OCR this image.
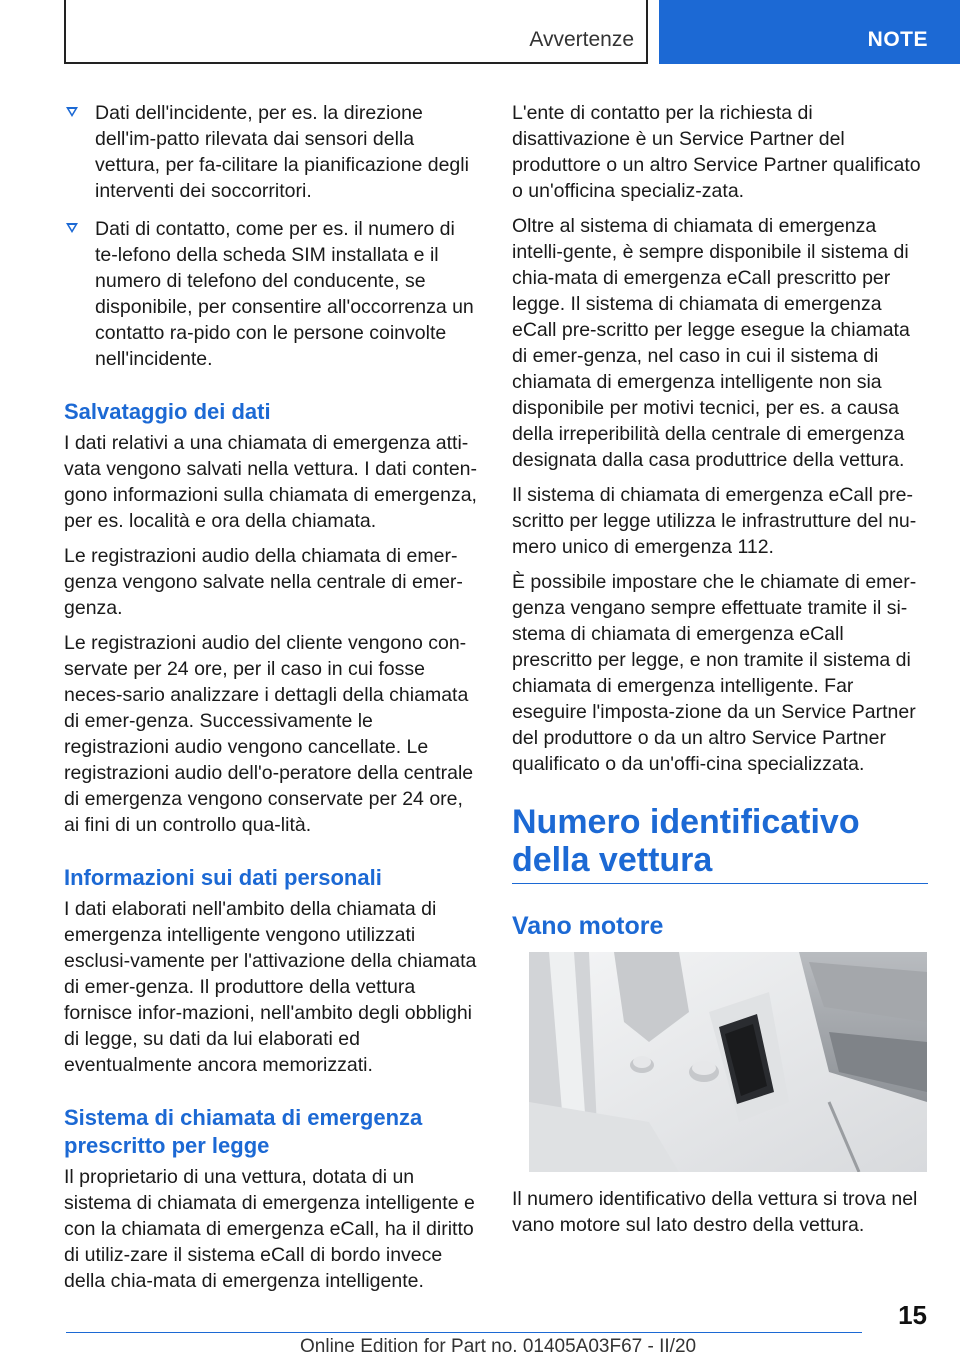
Avvertenze	NOTE
Dati dell'incidente, per es. la direzione dell'im-patto rilevata dai sensori della vettura, per fa-cilitare la pianificazione degli interventi dei soccorritori.
Dati di contatto, come per es. il numero di te-lefono della scheda SIM installata e il numero di telefono del conducente, se disponibile, per consentire all'occorrenza un contatto ra-pido con le persone coinvolte nell'incidente.
Salvataggio dei dati

I dati relativi a una chiamata di emergenza atti-vata vengono salvati nella vettura. I dati conten-gono informazioni sulla chiamata di emergenza, per es. località e ora della chiamata.

Le registrazioni audio della chiamata di emer-genza vengono salvate nella centrale di emer-genza.

Le registrazioni audio del cliente vengono con-servate per 24 ore, per il caso in cui fosse neces-sario analizzare i dettagli della chiamata di emer-genza. Successivamente le registrazioni audio vengono cancellate. Le registrazioni audio dell'o-peratore della centrale di emergenza vengono conservate per 24 ore, ai fini di un controllo qua-lità.

Informazioni sui dati personali

I dati elaborati nell'ambito della chiamata di emergenza intelligente vengono utilizzati esclusi-vamente per l'attivazione della chiamata di emer-genza. Il produttore della vettura fornisce infor-mazioni, nell'ambito degli obblighi di legge, su dati da lui elaborati ed eventualmente ancora memorizzati.

Sistema di chiamata di emergenza prescritto per legge

Il proprietario di una vettura, dotata di un sistema di chiamata di emergenza intelligente e con la chiamata di emergenza eCall, ha il diritto di utiliz-zare il sistema eCall di bordo invece della chia-mata di emergenza intelligente.

L'ente di contatto per la richiesta di disattivazione è un Service Partner del produttore o un altro Service Partner qualificato o un'officina specializ-zata.

Oltre al sistema di chiamata di emergenza intelli-gente, è sempre disponibile il sistema di chia-mata di emergenza eCall prescritto per legge. Il sistema di chiamata di emergenza eCall pre-scritto per legge esegue la chiamata di emer-genza, nel caso in cui il sistema di chiamata di emergenza intelligente non sia disponibile per motivi tecnici, per es. a causa della irreperibilità della centrale di emergenza designata dalla casa produttrice della vettura.

Il sistema di chiamata di emergenza eCall pre-scritto per legge utilizza le infrastrutture del nu-mero unico di emergenza 112.

È possibile impostare che le chiamate di emer-genza vengano sempre effettuate tramite il si-stema di chiamata di emergenza eCall prescritto per legge, e non tramite il sistema di chiamata di emergenza intelligente. Far eseguire l'imposta-zione da un Service Partner del produttore o da un altro Service Partner qualificato o da un'offi-cina specializzata.

Numero identificativo della vettura
Vano motore

Il numero identificativo della vettura si trova nel vano motore sul lato destro della vettura.

15
Online Edition for Part no. 01405A03F67 - II/20
